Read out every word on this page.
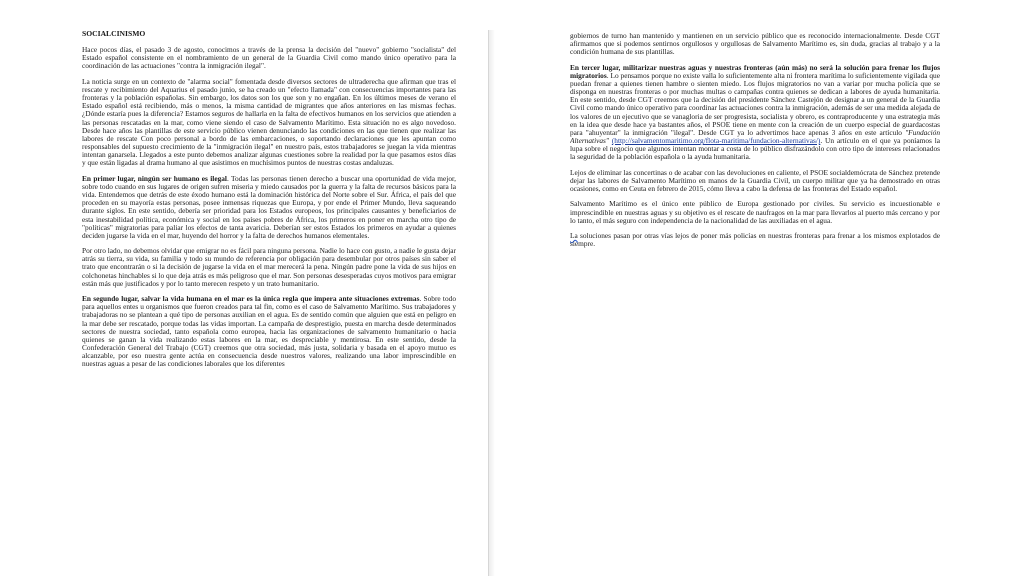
SOCIALCINISMO

Hace pocos días, el pasado 3 de agosto, conocimos a través de la prensa la decisión del "nuevo" gobierno "socialista" del Estado español consistente en el nombramiento de un general de la Guardia Civil como mando único operativo para la coordinación de las actuaciones "contra la inmigración ilegal".

La noticia surge en un contexto de "alarma social" fomentada desde diversos sectores de ultraderecha que afirman que tras el rescate y recibimiento del Aquarius el pasado junio, se ha creado un "efecto llamada" con consecuencias importantes para las fronteras y la población españolas. Sin embargo, los datos son los que son y no engañan. En los últimos meses de verano el Estado español está recibiendo, más o menos, la misma cantidad de migrantes que años anteriores en las mismas fechas. ¿Dónde estaría pues la diferencia? Estamos seguros de hallarla en la falta de efectivos humanos en los servicios que atienden a las personas rescatadas en la mar, como viene siendo el caso de Salvamento Marítimo. Esta situación no es algo novedoso. Desde hace años las plantillas de este servicio público vienen denunciando las condiciones en las que tienen que realizar las labores de rescate Con poco personal a bordo de las embarcaciones, o soportando declaraciones que les apuntan como responsables del supuesto crecimiento de la "inmigración ilegal" en nuestro país, estos trabajadores se juegan la vida mientras intentan ganarsela. Llegados a este punto debemos analizar algunas cuestiones sobre la realidad por la que pasamos estos días y que están ligadas al drama humano al que asistimos en muchísimos puntos de nuestras costas andaluzas.

En primer lugar, ningún ser humano es ilegal. Todas las personas tienen derecho a buscar una oportunidad de vida mejor, sobre todo cuando en sus lugares de origen sufren miseria y miedo causados por la guerra y la falta de recursos básicos para la vida. Entendemos que detrás de este éxodo humano está la dominación histórica del Norte sobre el Sur. África, el país del que proceden en su mayoría estas personas, posee inmensas riquezas que Europa, y por ende el Primer Mundo, lleva saqueando durante siglos. En este sentido, debería ser prioridad para los Estados europeos, los principales causantes y beneficiarios de esta inestabilidad política, económica y social en los países pobres de África, los primeros en poner en marcha otro tipo de "políticas" migratorias para paliar los efectos de tanta avaricia. Deberían ser estos Estados los primeros en ayudar a quienes deciden jugarse la vida en el mar, huyendo del horror y la falta de derechos humanos elementales.

Por otro lado, no debemos olvidar que emigrar no es fácil para ninguna persona. Nadie lo hace con gusto, a nadie le gusta dejar atrás su tierra, su vida, su familia y todo su mundo de referencia por obligación para desembular por otros países sin saber el trato que encontrarán o si la decisión de jugarse la vida en el mar merecerá la pena. Ningún padre pone la vida de sus hijos en colchonetas hinchables si lo que deja atrás es más peligroso que el mar. Son personas desesperadas cuyos motivos para emigrar están más que justificados y por lo tanto merecen respeto y un trato humanitario.

En segundo lugar, salvar la vida humana en el mar es la única regla que impera ante situaciones extremas. Sobre todo para aquellos entes u organismos que fueron creados para tal fin, como es el caso de Salvamento Marítimo. Sus trabajadores y trabajadoras no se plantean a qué tipo de personas auxilian en el agua. Es de sentido común que alguien que está en peligro en la mar debe ser rescatado, porque todas las vidas importan. La campaña de desprestigio, puesta en marcha desde determinados sectores de nuestra sociedad, tanto española como europea, hacia las organizaciones de salvamento humanitario o hacia quienes se ganan la vida realizando estas labores en la mar, es despreciable y mentirosa. En este sentido, desde la Confederación General del Trabajo (CGT) creemos que otra sociedad, más justa, solidaria y basada en el apoyo mutuo es alcanzable, por eso nuestra gente actúa en consecuencia desde nuestros valores, realizando una labor imprescindible en nuestras aguas a pesar de las condiciones laborales que los diferentes

gobiernos de turno han mantenido y mantienen en un servicio público que es reconocido internacionalmente. Desde CGT afirmamos que si podemos sentirnos orgullosos y orgullosas de Salvamento Marítimo es, sin duda, gracias al trabajo y a la condición humana de sus plantillas.

En tercer lugar, militarizar nuestras aguas y nuestras fronteras (aún más) no será la solución para frenar los flujos migratorios. Lo pensamos porque no existe valla lo suficientemente alta ni frontera marítima lo suficientemente vigilada que puedan frenar a quienes tienen hambre o sienten miedo. Los flujos migratorios no van a variar por mucha policía que se disponga en nuestras fronteras o por muchas multas o campañas contra quienes se dedican a labores de ayuda humanitaria. En este sentido, desde CGT creemos que la decisión del presidente Sánchez Castejón de designar a un general de la Guardia Civil como mando único operativo para coordinar las actuaciones contra la inmigración, además de ser una medida alejada de los valores de un ejecutivo que se vanagloria de ser progresista, socialista y obrero, es contraproducente y una estrategia más en la idea que desde hace ya bastantes años, el PSOE tiene en mente con la creación de un cuerpo especial de guardacostas para "ahuyentar" la inmigración "ilegal". Desde CGT ya lo advertimos hace apenas 3 años en este artículo "Fundación Alternativas" (http://salvamentomaritimo.org/flota-maritima/fundacion-alternativas/). Un artículo en el que ya poníamos la lupa sobre el negocio que algunos intentan montar a costa de lo público disfrazándolo con otro tipo de intereses relacionados la seguridad de la población española o la ayuda humanitaria.

Lejos de eliminar las concertinas o de acabar con las devoluciones en caliente, el PSOE socialdemócrata de Sánchez pretende dejar las labores de Salvamento Marítimo en manos de la Guardia Civil, un cuerpo militar que ya ha demostrado en otras ocasiones, como en Ceuta en febrero de 2015, cómo lleva a cabo la defensa de las fronteras del Estado español.

Salvamento Marítimo es el único ente público de Europa gestionado por civiles. Su servicio es incuestionable e imprescindible en nuestras aguas y su objetivo es el rescate de naufragos en la mar para llevarlos al puerto más cercano y por lo tanto, el más seguro con independencia de la nacionalidad de las auxiliadas en el agua.

La soluciones pasan por otras vías lejos de poner más policías en nuestras fronteras para frenar a los mismos explotados de siempre.
